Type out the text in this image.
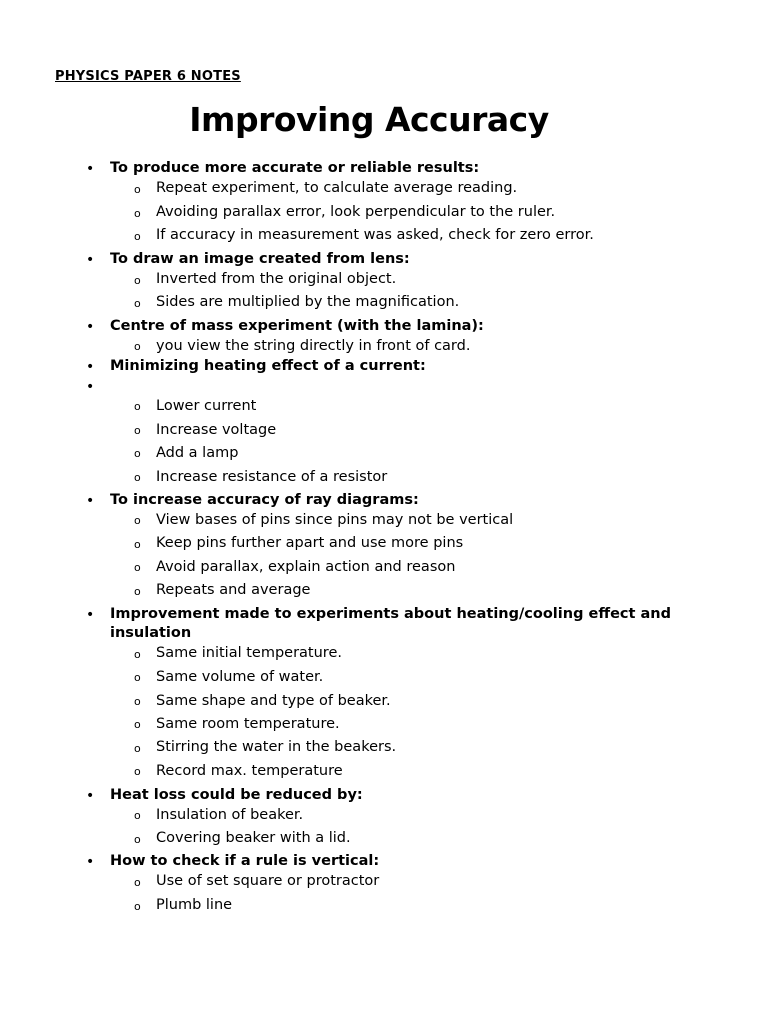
PHYSICS PAPER 6 NOTES
Improving Accuracy
• To produce more accurate or reliable results:
o Repeat experiment, to calculate average reading.
o Avoiding parallax error, look perpendicular to the ruler.
o If accuracy in measurement was asked, check for zero error.
• To draw an image created from lens:
o Inverted from the original object.
o Sides are multiplied by the magnification.
• Centre of mass experiment (with the lamina):
o you view the string directly in front of card.
• Minimizing heating effect of a current:
•
o Lower current
o Increase voltage
o Add a lamp
o Increase resistance of a resistor
• To increase accuracy of ray diagrams:
o View bases of pins since pins may not be vertical
o Keep pins further apart and use more pins
o Avoid parallax, explain action and reason
o Repeats and average
• Improvement made to experiments about heating/cooling effect and
insulation
o Same initial temperature.
o Same volume of water.
o Same shape and type of beaker.
o Same room temperature.
o Stirring the water in the beakers.
o Record max. temperature
• Heat loss could be reduced by:
o Insulation of beaker.
o Covering beaker with a lid.
• How to check if a rule is vertical:
o Use of set square or protractor
o Plumb line
